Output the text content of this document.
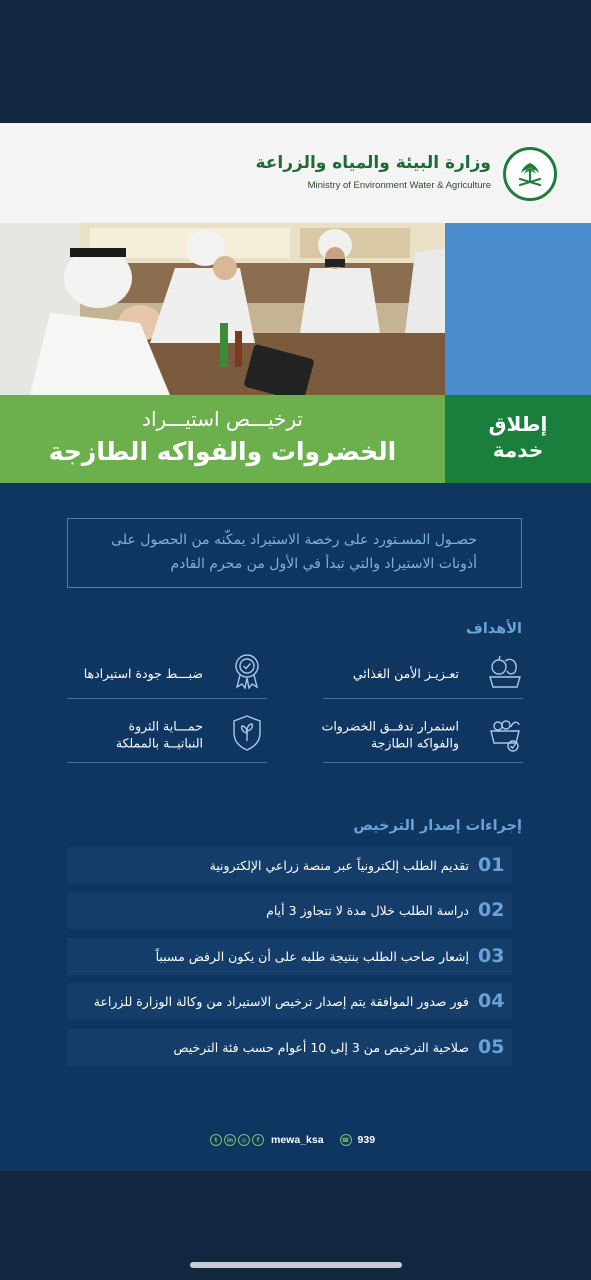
وزارة البيئة والمياه والزراعة
Ministry of Environment Water & Agriculture
ترخيـــص استيـــراد
الخضروات والفواكه الطازجة
إطلاق
خدمة
حصـول المسـتورد على رخصة الاستيراد يمكّنه من الحصول على أذونات الاستيراد والتي تبدأ في الأول من محرم القادم
الأهداف
تعـزيـز الأمن الغذائي
ضبـــط جودة استيرادها
استمرار تدفــق الخضروات
والفواكه الطازجة
حمـــاية الثروة
النباتيــة بالمملكة
إجراءات إصدار الترخيص
01
تقديم الطلب إلكترونياً عبر منصة زراعي الإلكترونية
02
دراسة الطلب خلال مدة لا تتجاوز 3 أيام
03
إشعار صاحب الطلب بنتيجة طلبه على أن يكون الرفض مسبباً
04
فور صدور الموافقة يتم إصدار ترخيص الاستيراد من وكالة الوزارة للزراعة
05
صلاحية الترخيص من 3 إلى 10 أعوام حسب فئة الترخيص
t	in	◎	f	mewa_ksa	☎ 939
